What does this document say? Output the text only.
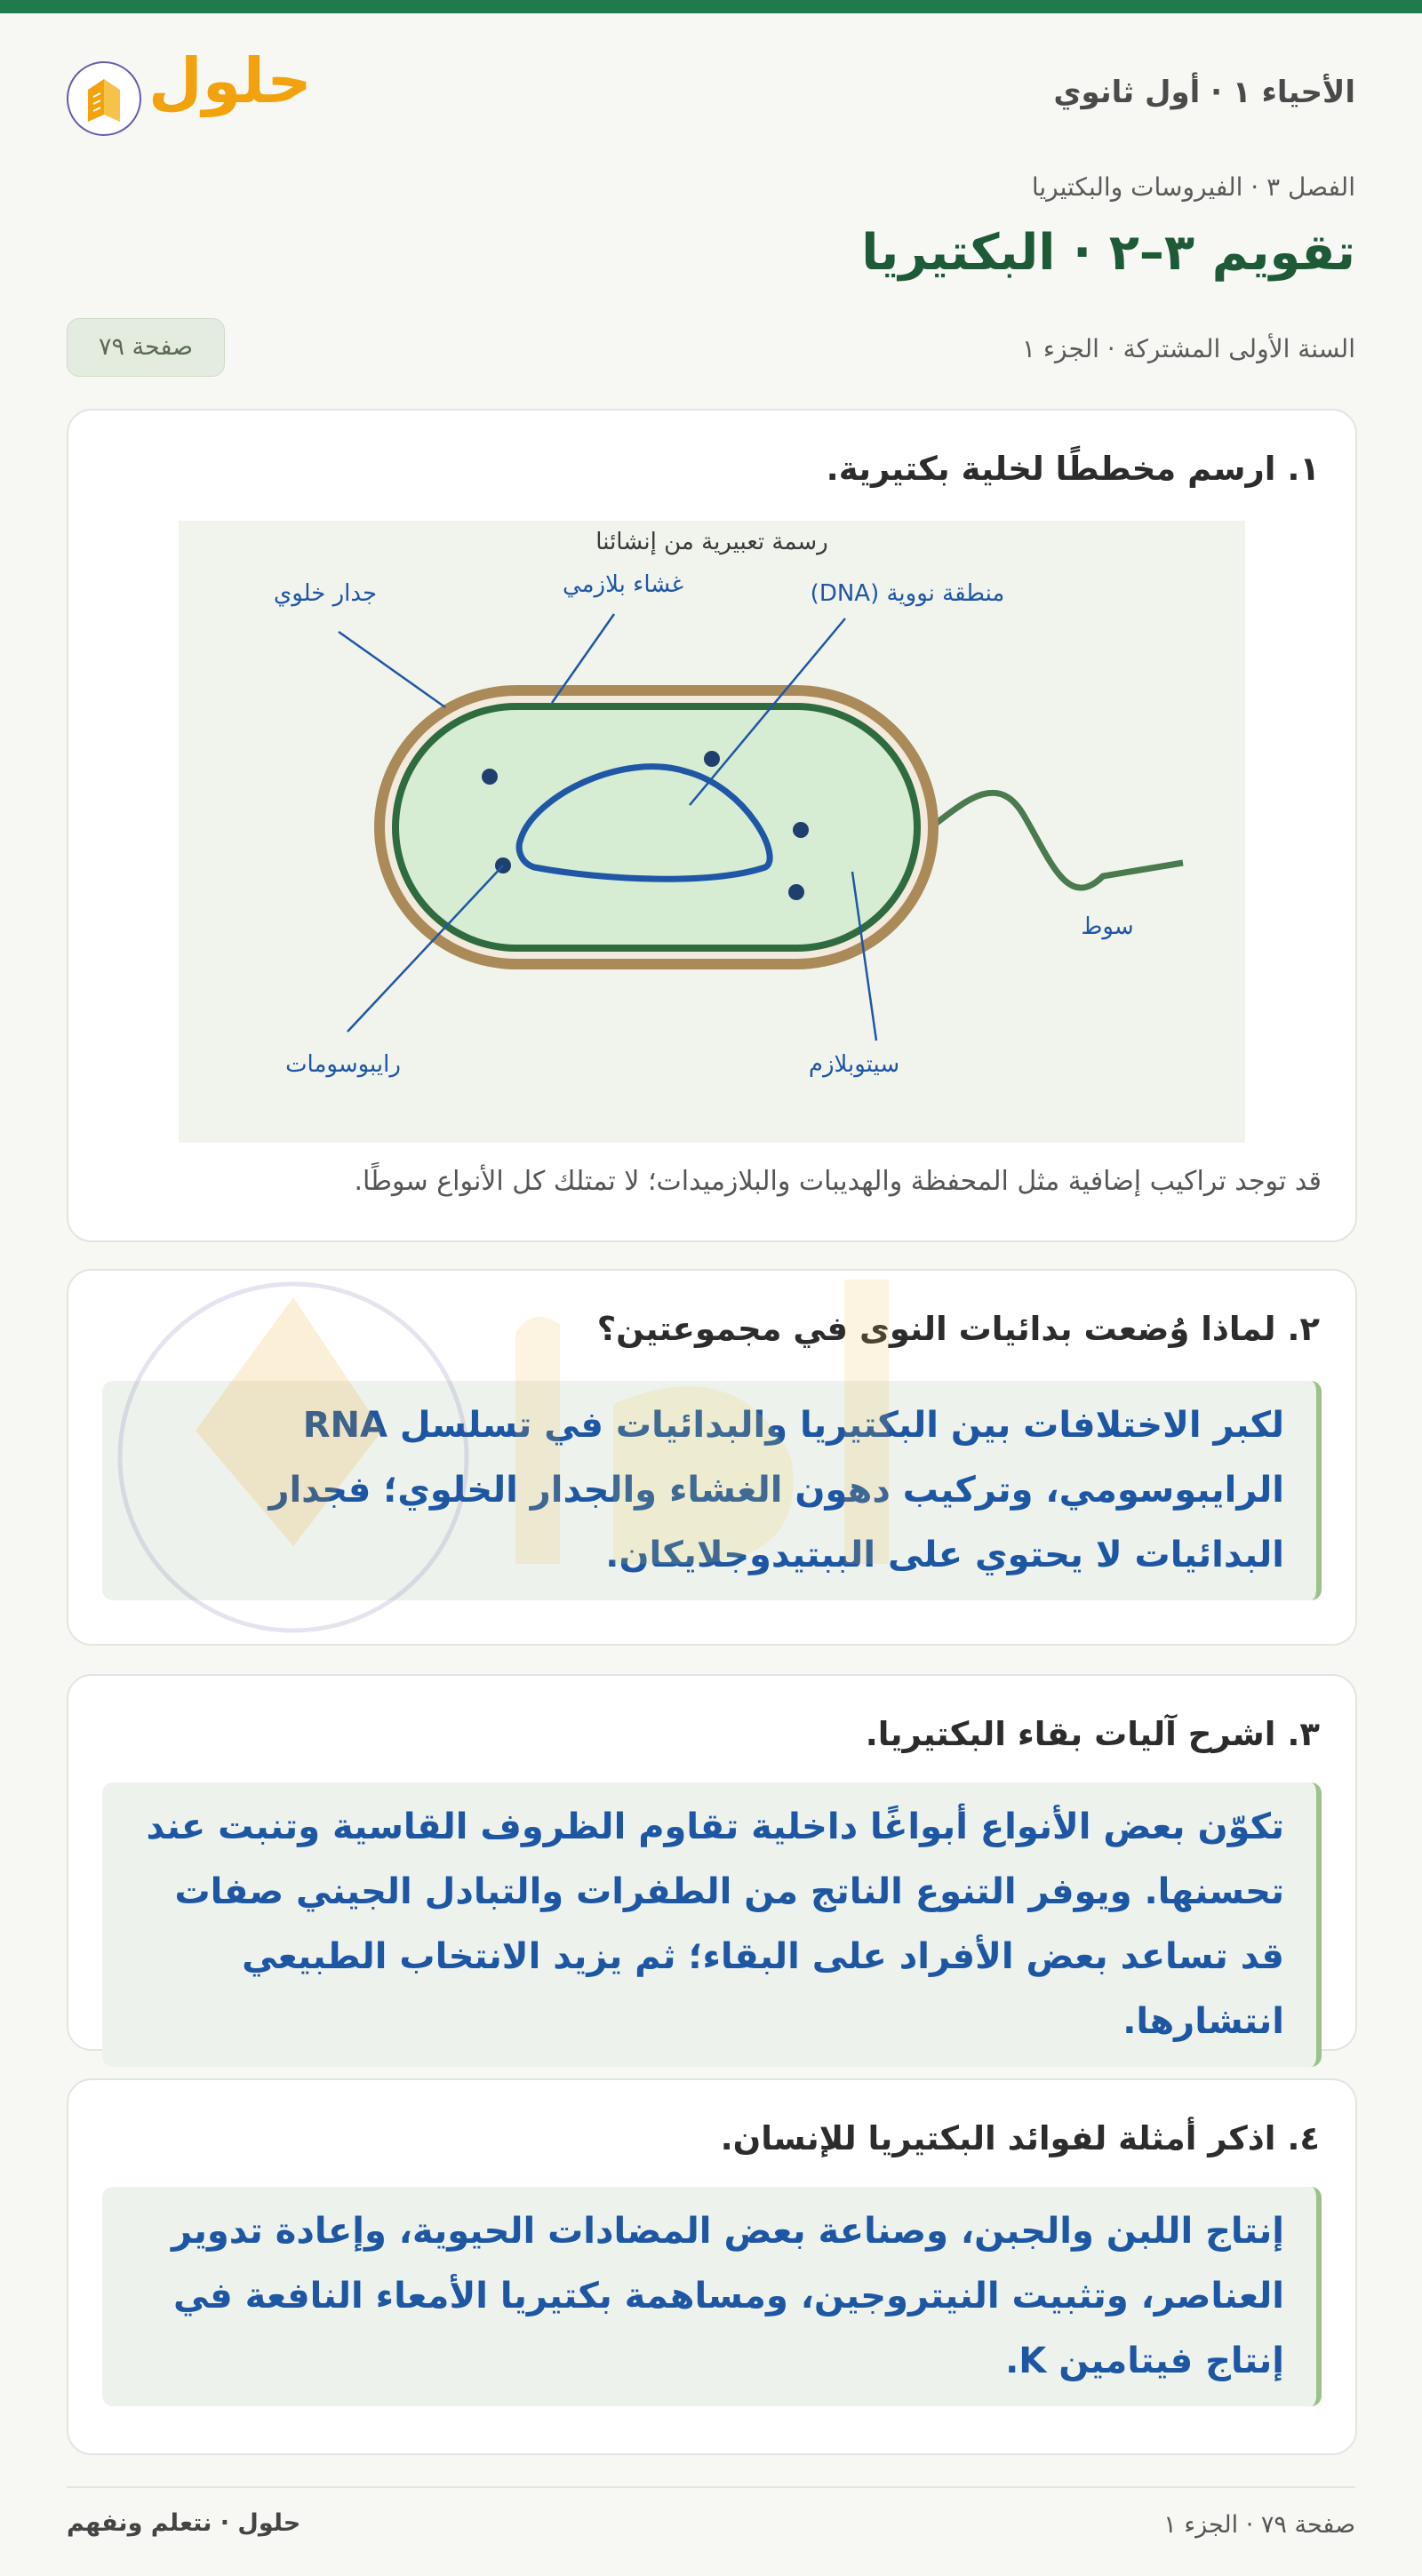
الأحياء ١ · أول ثانوي
حلول
الفصل ٣ · الفيروسات والبكتيريا
تقويم ٣–٢ · البكتيريا
السنة الأولى المشتركة · الجزء ١
صفحة ٧٩
١. ارسم مخططًا لخلية بكتيرية.
رسمة تعبيرية من إنشائنا
جدار خلوي	غشاء بلازمي	منطقة نووية (DNA)
سوط
رايبوسومات	سيتوبلازم
قد توجد تراكيب إضافية مثل المحفظة والهديبات والبلازميدات؛ لا تمتلك كل الأنواع سوطًا.
٢. لماذا وُضعت بدائيات النوى في مجموعتين؟
لكبر الاختلافات بين البكتيريا والبدائيات في تسلسل RNA الرايبوسومي، وتركيب دهون الغشاء والجدار الخلوي؛ فجدار البدائيات لا يحتوي على الببتيدوجلايكان.
٣. اشرح آليات بقاء البكتيريا.
تكوّن بعض الأنواع أبواغًا داخلية تقاوم الظروف القاسية وتنبت عند تحسنها. ويوفر التنوع الناتج من الطفرات والتبادل الجيني صفات قد تساعد بعض الأفراد على البقاء؛ ثم يزيد الانتخاب الطبيعي انتشارها.
٤. اذكر أمثلة لفوائد البكتيريا للإنسان.
إنتاج اللبن والجبن، وصناعة بعض المضادات الحيوية، وإعادة تدوير العناصر، وتثبيت النيتروجين، ومساهمة بكتيريا الأمعاء النافعة في إنتاج فيتامين K.
صفحة ٧٩ · الجزء ١
حلول · نتعلم ونفهم
